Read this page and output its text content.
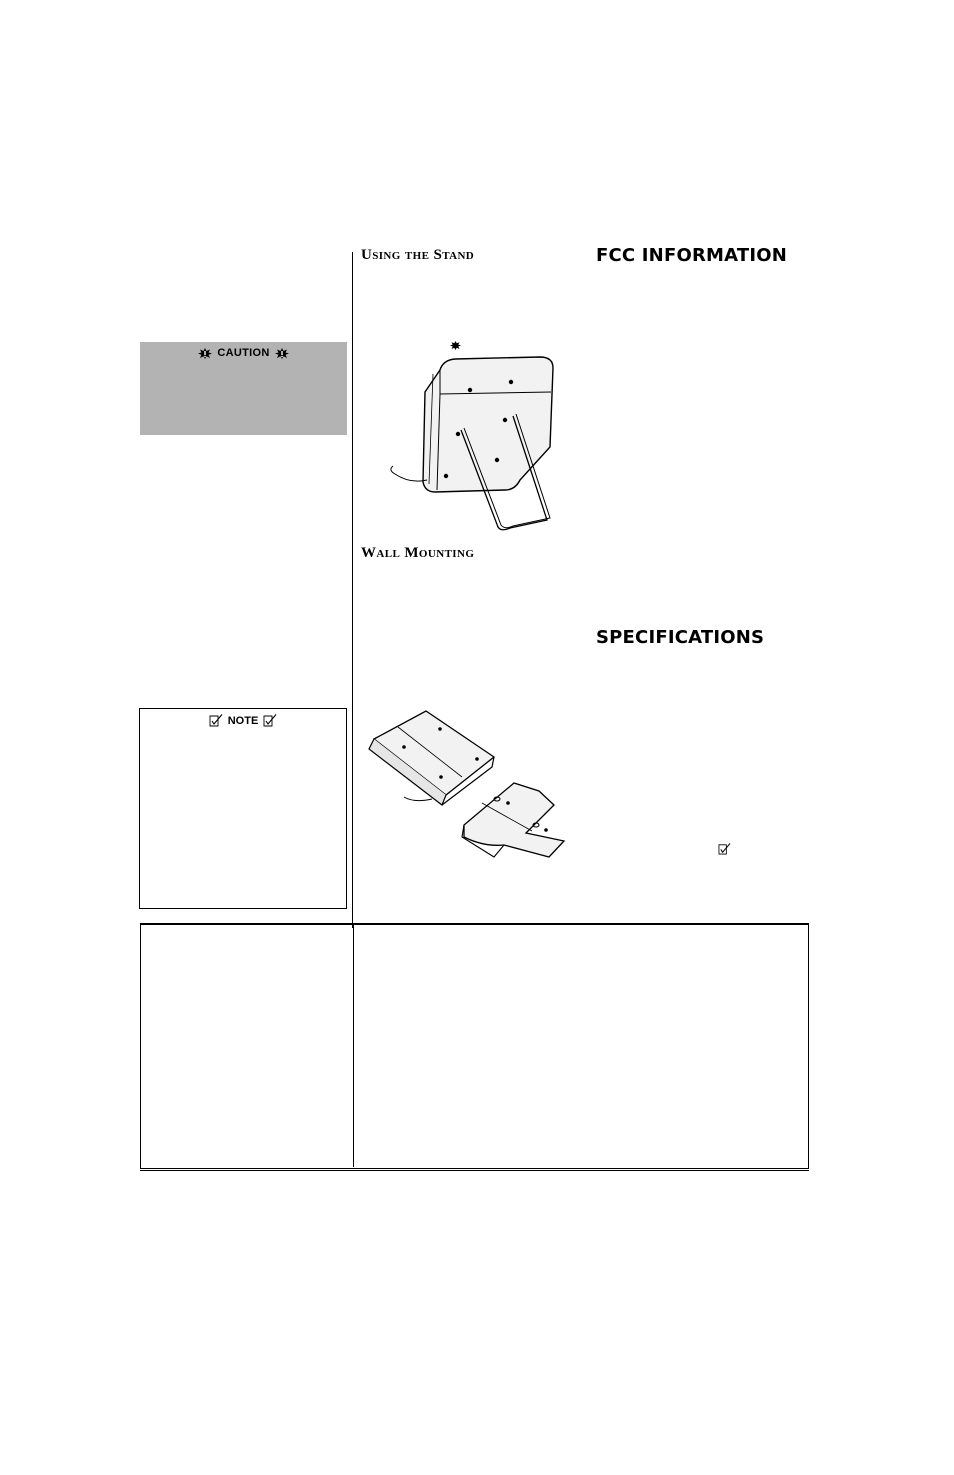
CAUTION
NOTE
Using the Stand
Wall Mounting
FCC INFORMATION
SPECIFICATIONS
